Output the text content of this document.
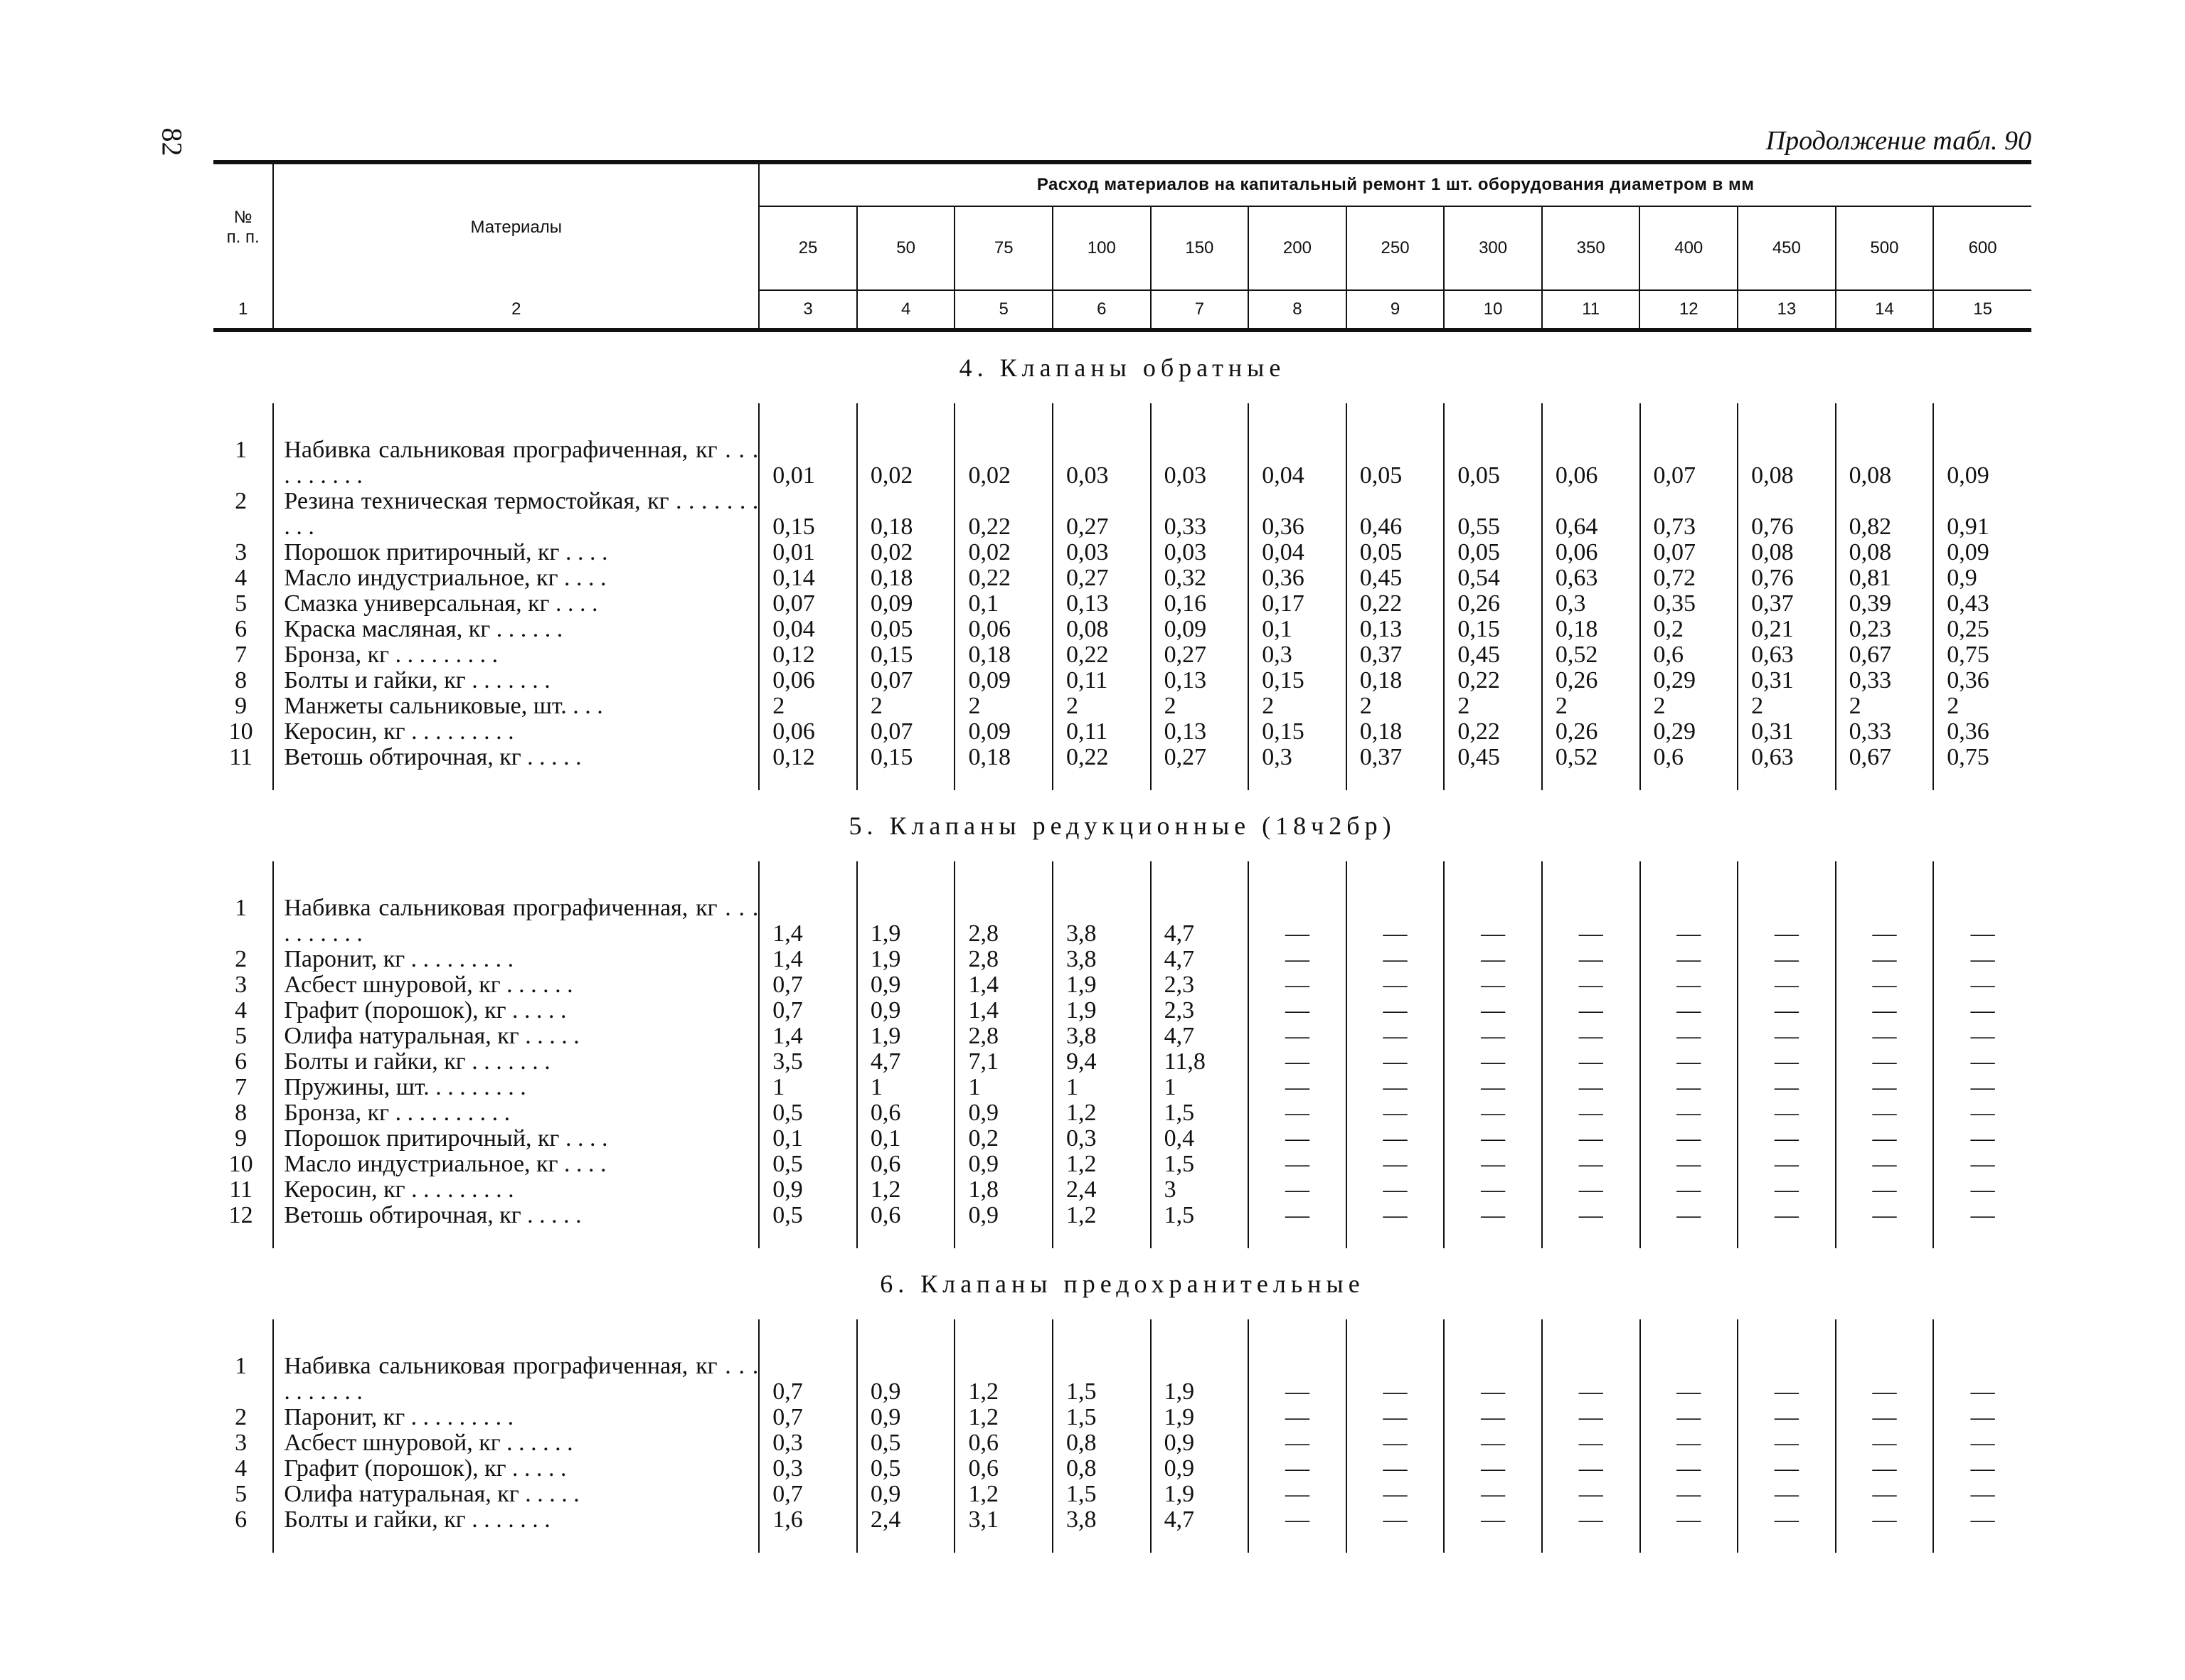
82	Продолжение табл. 90
№
п. п.	Материалы	Расход материалов на капитальный ремонт 1 шт. оборудования диаметром в мм												
		25	50	75	100	150	200	250	300	350	400	450	500	600
1	2	3	4	5	6	7	8	9	10	11	12	13	14	15
4. Клапаны обратные

1	Набивка сальниковая прографиченная, кг . . . . . . . . . .	0,01	0,02	0,02	0,03	0,03	0,04	0,05	0,05	0,06	0,07	0,08	0,08	0,09
2	Резина техническая термостойкая, кг . . . . . . . . . .	0,15	0,18	0,22	0,27	0,33	0,36	0,46	0,55	0,64	0,73	0,76	0,82	0,91
3	Порошок притирочный, кг . . . .	0,01	0,02	0,02	0,03	0,03	0,04	0,05	0,05	0,06	0,07	0,08	0,08	0,09
4	Масло индустриальное, кг . . . .	0,14	0,18	0,22	0,27	0,32	0,36	0,45	0,54	0,63	0,72	0,76	0,81	0,9
5	Смазка универсальная, кг . . . .	0,07	0,09	0,1	0,13	0,16	0,17	0,22	0,26	0,3	0,35	0,37	0,39	0,43
6	Краска масляная, кг . . . . . .	0,04	0,05	0,06	0,08	0,09	0,1	0,13	0,15	0,18	0,2	0,21	0,23	0,25
7	Бронза, кг . . . . . . . . .	0,12	0,15	0,18	0,22	0,27	0,3	0,37	0,45	0,52	0,6	0,63	0,67	0,75
8	Болты и гайки, кг . . . . . . .	0,06	0,07	0,09	0,11	0,13	0,15	0,18	0,22	0,26	0,29	0,31	0,33	0,36
9	Манжеты сальниковые, шт. . . .	2	2	2	2	2	2	2	2	2	2	2	2	2
10	Керосин, кг . . . . . . . . .	0,06	0,07	0,09	0,11	0,13	0,15	0,18	0,22	0,26	0,29	0,31	0,33	0,36
11	Ветошь обтирочная, кг . . . . .	0,12	0,15	0,18	0,22	0,27	0,3	0,37	0,45	0,52	0,6	0,63	0,67	0,75

5. Клапаны редукционные (18ч2бр)

1	Набивка сальниковая прографиченная, кг . . . . . . . . . .	1,4	1,9	2,8	3,8	4,7	—	—	—	—	—	—	—	—
2	Паронит, кг . . . . . . . . .	1,4	1,9	2,8	3,8	4,7	—	—	—	—	—	—	—	—
3	Асбест шнуровой, кг . . . . . .	0,7	0,9	1,4	1,9	2,3	—	—	—	—	—	—	—	—
4	Графит (порошок), кг . . . . .	0,7	0,9	1,4	1,9	2,3	—	—	—	—	—	—	—	—
5	Олифа натуральная, кг . . . . .	1,4	1,9	2,8	3,8	4,7	—	—	—	—	—	—	—	—
6	Болты и гайки, кг . . . . . . .	3,5	4,7	7,1	9,4	11,8	—	—	—	—	—	—	—	—
7	Пружины, шт. . . . . . . . .	1	1	1	1	1	—	—	—	—	—	—	—	—
8	Бронза, кг . . . . . . . . . .	0,5	0,6	0,9	1,2	1,5	—	—	—	—	—	—	—	—
9	Порошок притирочный, кг . . . .	0,1	0,1	0,2	0,3	0,4	—	—	—	—	—	—	—	—
10	Масло индустриальное, кг . . . .	0,5	0,6	0,9	1,2	1,5	—	—	—	—	—	—	—	—
11	Керосин, кг . . . . . . . . .	0,9	1,2	1,8	2,4	3	—	—	—	—	—	—	—	—
12	Ветошь обтирочная, кг . . . . .	0,5	0,6	0,9	1,2	1,5	—	—	—	—	—	—	—	—

6. Клапаны предохранительные

1	Набивка сальниковая прографиченная, кг . . . . . . . . . .	0,7	0,9	1,2	1,5	1,9	—	—	—	—	—	—	—	—
2	Паронит, кг . . . . . . . . .	0,7	0,9	1,2	1,5	1,9	—	—	—	—	—	—	—	—
3	Асбест шнуровой, кг . . . . . .	0,3	0,5	0,6	0,8	0,9	—	—	—	—	—	—	—	—
4	Графит (порошок), кг . . . . .	0,3	0,5	0,6	0,8	0,9	—	—	—	—	—	—	—	—
5	Олифа натуральная, кг . . . . .	0,7	0,9	1,2	1,5	1,9	—	—	—	—	—	—	—	—
6	Болты и гайки, кг . . . . . . .	1,6	2,4	3,1	3,8	4,7	—	—	—	—	—	—	—	—
